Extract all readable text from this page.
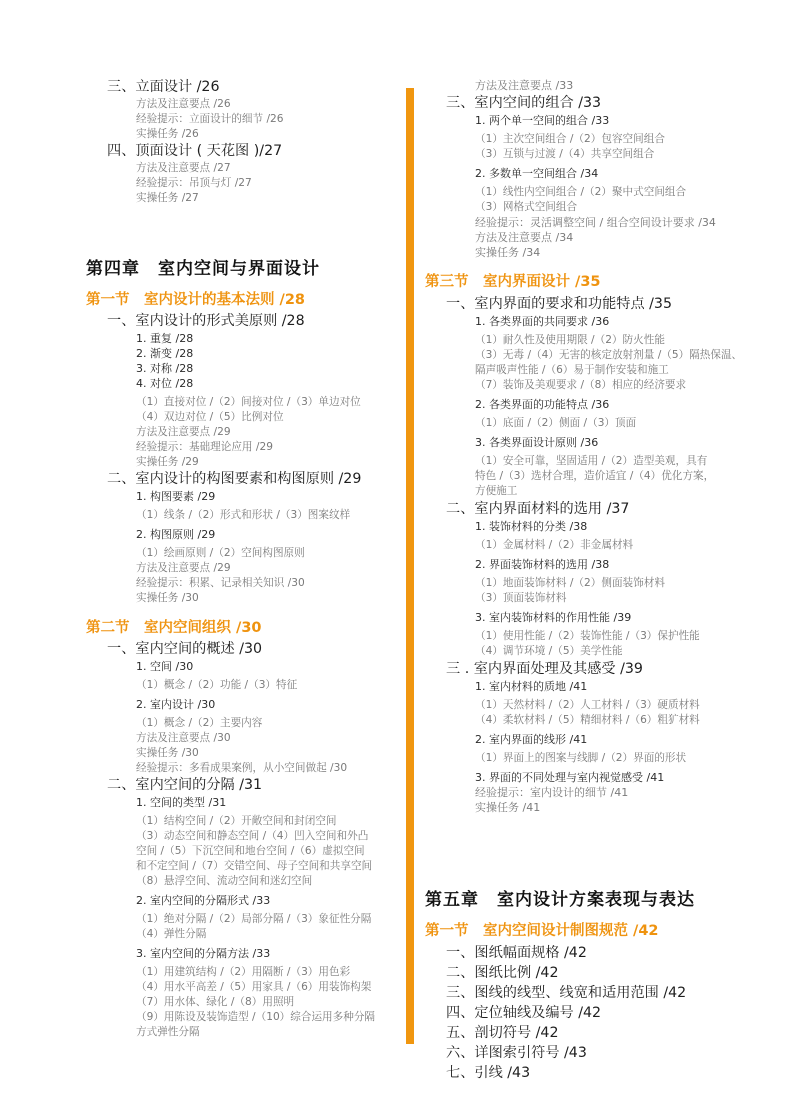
三、立面设计 /26
方法及注意要点 /26
经验提示：立面设计的细节 /26
实操任务 /26
四、顶面设计 ( 天花图 )/27
方法及注意要点 /27
经验提示：吊顶与灯 /27
实操任务 /27
第四章　室内空间与界面设计
第一节　室内设计的基本法则 /28
一、室内设计的形式美原则 /28
1. 重复 /28
2. 渐变 /28
3. 对称 /28
4. 对位 /28
（1）直接对位 /（2）间接对位 /（3）单边对位
（4）双边对位 /（5）比例对位
方法及注意要点 /29
经验提示：基础理论应用 /29
实操任务 /29
二、室内设计的构图要素和构图原则 /29
1. 构图要素 /29
（1）线条 /（2）形式和形状 /（3）图案纹样
2. 构图原则 /29
（1）绘画原则 /（2）空间构图原则
方法及注意要点 /29
经验提示：积累、记录相关知识 /30
实操任务 /30
第二节　室内空间组织 /30
一、室内空间的概述 /30
1. 空间 /30
（1）概念 /（2）功能 /（3）特征
2. 室内设计 /30
（1）概念 /（2）主要内容
方法及注意要点 /30
实操任务 /30
经验提示：多看成果案例，从小空间做起 /30
二、室内空间的分隔 /31
1. 空间的类型 /31
（1）结构空间 /（2）开敞空间和封闭空间
（3）动态空间和静态空间 /（4）凹入空间和外凸
空间 /（5）下沉空间和地台空间 /（6）虚拟空间
和不定空间 /（7）交错空间、母子空间和共享空间
（8）悬浮空间、流动空间和迷幻空间
2. 室内空间的分隔形式 /33
（1）绝对分隔 /（2）局部分隔 /（3）象征性分隔
（4）弹性分隔
3. 室内空间的分隔方法 /33
（1）用建筑结构 /（2）用隔断 /（3）用色彩
（4）用水平高差 /（5）用家具 /（6）用装饰构架
（7）用水体、绿化 /（8）用照明
（9）用陈设及装饰造型 /（10）综合运用多种分隔
方式弹性分隔
方法及注意要点 /33
三、室内空间的组合 /33
1. 两个单一空间的组合 /33
（1）主次空间组合 /（2）包容空间组合
（3）互锁与过渡 /（4）共享空间组合
2. 多数单一空间组合 /34
（1）线性内空间组合 /（2）聚中式空间组合
（3）网格式空间组合
经验提示：灵活调整空间 / 组合空间设计要求 /34
方法及注意要点 /34
实操任务 /34
第三节　室内界面设计 /35
一、室内界面的要求和功能特点 /35
1. 各类界面的共同要求 /36
（1）耐久性及使用期限 /（2）防火性能
（3）无毒 /（4）无害的核定放射剂量 /（5）隔热保温、
隔声吸声性能 /（6）易于制作安装和施工
（7）装饰及美观要求 /（8）相应的经济要求
2. 各类界面的功能特点 /36
（1）底面 /（2）侧面 /（3）顶面
3. 各类界面设计原则 /36
（1）安全可靠，坚固适用 /（2）造型美观，具有
特色 /（3）选材合理，造价适宜 /（4）优化方案，
方便施工
二、室内界面材料的选用 /37
1. 装饰材料的分类 /38
（1）金属材料 /（2）非金属材料
2. 界面装饰材料的选用 /38
（1）地面装饰材料 /（2）侧面装饰材料
（3）顶面装饰材料
3. 室内装饰材料的作用性能 /39
（1）使用性能 /（2）装饰性能 /（3）保护性能
（4）调节环境 /（5）美学性能
三 . 室内界面处理及其感受 /39
1. 室内材料的质地 /41
（1）天然材料 /（2）人工材料 /（3）硬质材料
（4）柔软材料 /（5）精细材料 /（6）粗犷材料
2. 室内界面的线形 /41
（1）界面上的图案与线脚 /（2）界面的形状
3. 界面的不同处理与室内视觉感受 /41
经验提示：室内设计的细节 /41
实操任务 /41
第五章　室内设计方案表现与表达
第一节　室内空间设计制图规范 /42
一、图纸幅面规格 /42
二、图纸比例 /42
三、图线的线型、线宽和适用范围 /42
四、定位轴线及编号 /42
五、剖切符号 /42
六、详图索引符号 /43
七、引线 /43
